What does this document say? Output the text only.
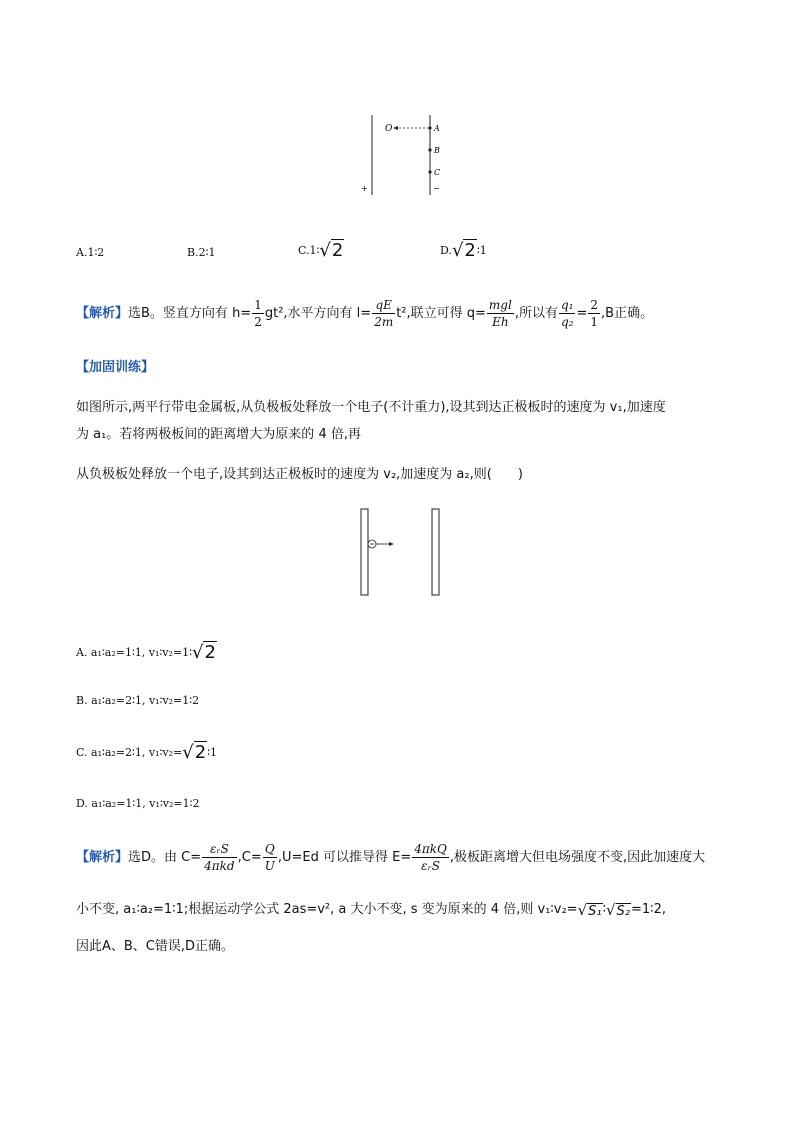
O	A
B
C
+	−
A.1∶2	B.2∶1	C.1∶√2	D.√2∶1
【解析】选B。竖直方向有 $h= \frac{1}{2} gt^2$,水平方向有 $l= \frac{qE}{2m} t^2$,联立可得 $q= \frac{\text{mgl}}{Eh}$ ,所以有 $\frac{\text{q₁}}{\text{q₂}} = \frac{2}{1} ,B$正确。
【加固训练】
如图所示,两平行带电金属板,从负极板处释放一个电子(不计重力),设其到达正极板时的速度为 v₁,加速度
为 a₁。若将两极板间的距离增大为原来的 4 倍,再
从负极板处释放一个电子,设其到达正极板时的速度为 v₂,加速度为 a₂,则(　　)
A. a₁∶a₂=1∶1, v₁∶v₂=1∶√2
B. a₁∶a₂=2∶1, v₁∶v₂=1∶2
C. a₁∶a₂=2∶1, v₁∶v₂=√2∶1
D. a₁∶a₂=1∶1, v₁∶v₂=1∶2
【解析】选D。由 $C= \frac{\text{εᵣS}}{\text{4πkd}} ,C= \frac{Q}{U} ,U=Ed$ 可以推导得 $E= \frac{\text{4πkQ}}{\text{εᵣS}}$ ,极板距离增大但电场强度不变,因此加速度大
小不变, a₁∶a₂=1∶1;根据运动学公式 2as=v², a 大小不变, s 变为原来的 4 倍,则 v₁∶v₂=√S₁∶√S₂=1∶2,
因此A、B、C错误,D正确。
